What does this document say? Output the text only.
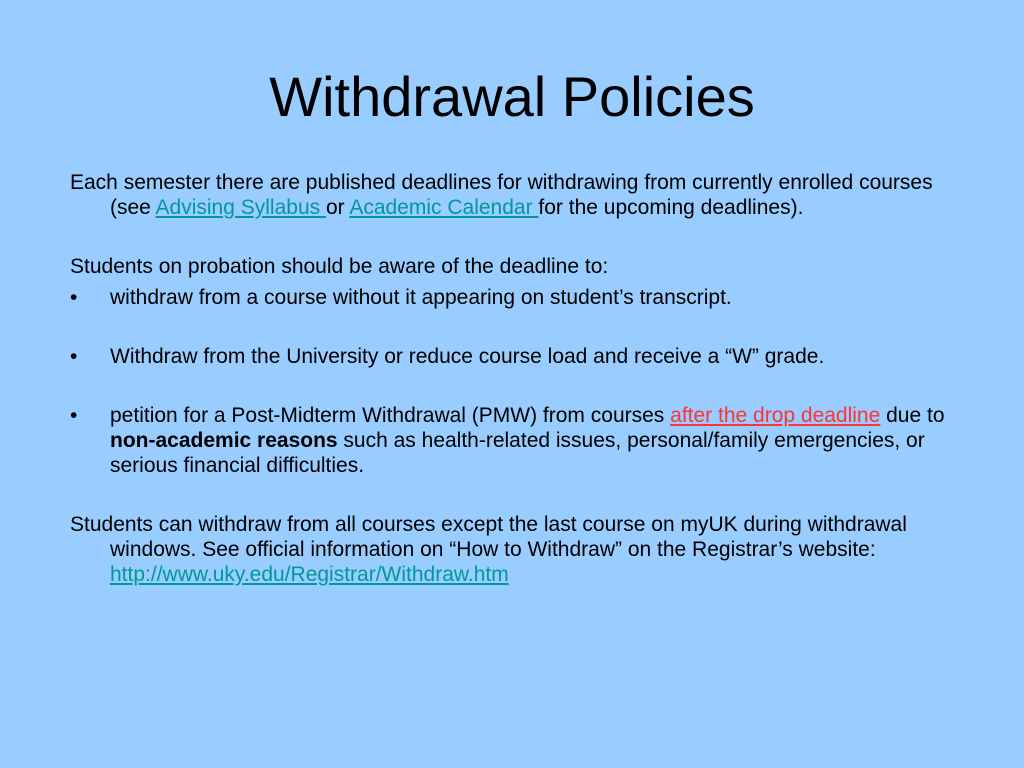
Withdrawal Policies

Each semester there are published deadlines for withdrawing from currently enrolled courses (see Advising Syllabus or Academic Calendar for the upcoming deadlines).

Students on probation should be aware of the deadline to:

•	withdraw from a course without it appearing on student’s transcript.
•	Withdraw from the University or reduce course load and receive a “W” grade.
•	petition for a Post-Midterm Withdrawal (PMW) from courses after the drop deadline due to non-academic reasons such as health-related issues, personal/family emergencies, or serious financial difficulties.

Students can withdraw from all courses except the last course on myUK during withdrawal windows. See official information on “How to Withdraw” on the Registrar’s website: http://www.uky.edu/Registrar/Withdraw.htm
